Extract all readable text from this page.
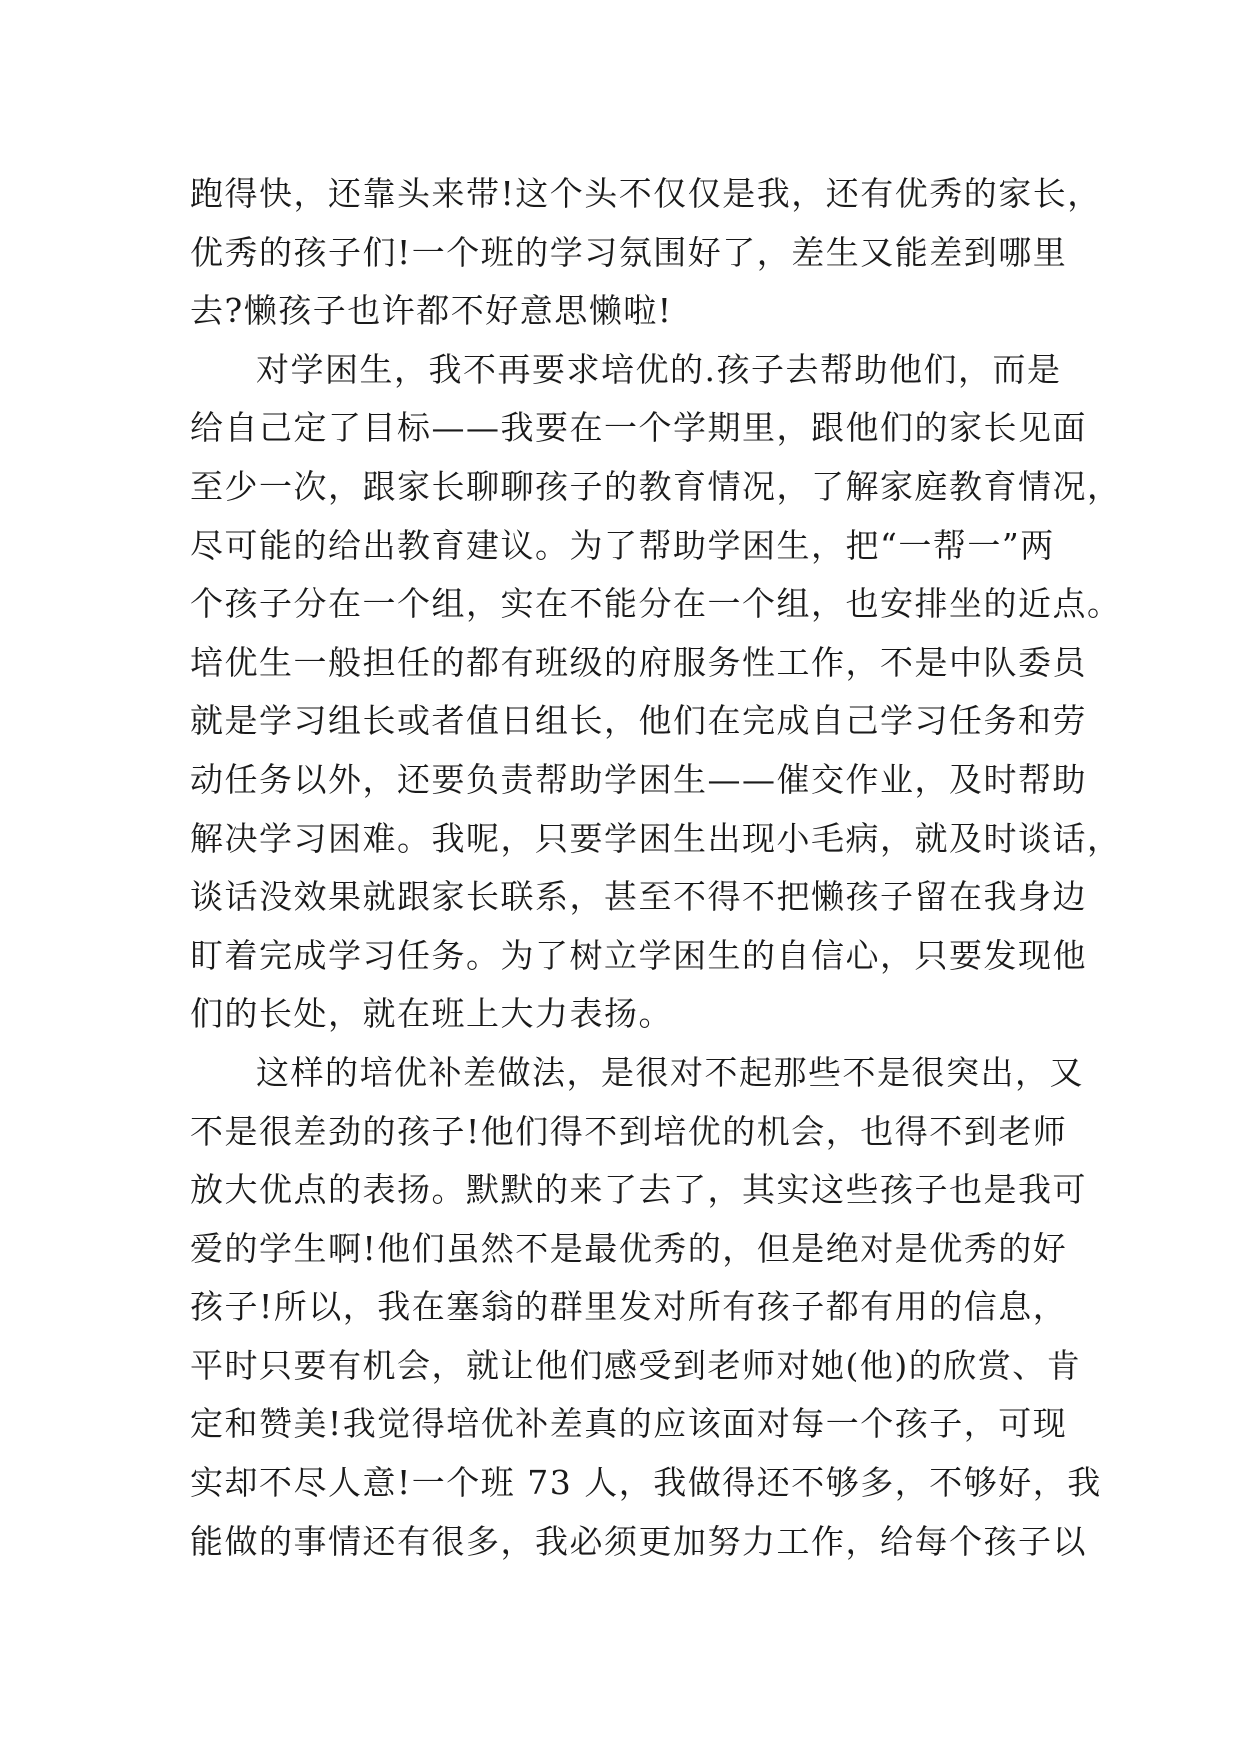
跑得快，还靠头来带!这个头不仅仅是我，还有优秀的家长，
优秀的孩子们!一个班的学习氛围好了，差生又能差到哪里
去?懒孩子也许都不好意思懒啦!
对学困生，我不再要求培优的.孩子去帮助他们，而是
给自己定了目标——我要在一个学期里，跟他们的家长见面
至少一次，跟家长聊聊孩子的教育情况，了解家庭教育情况，
尽可能的给出教育建议。为了帮助学困生，把“一帮一”两
个孩子分在一个组，实在不能分在一个组，也安排坐的近点。
培优生一般担任的都有班级的府服务性工作，不是中队委员
就是学习组长或者值日组长，他们在完成自己学习任务和劳
动任务以外，还要负责帮助学困生——催交作业，及时帮助
解决学习困难。我呢，只要学困生出现小毛病，就及时谈话，
谈话没效果就跟家长联系，甚至不得不把懒孩子留在我身边
盯着完成学习任务。为了树立学困生的自信心，只要发现他
们的长处，就在班上大力表扬。
这样的培优补差做法，是很对不起那些不是很突出，又
不是很差劲的孩子!他们得不到培优的机会，也得不到老师
放大优点的表扬。默默的来了去了，其实这些孩子也是我可
爱的学生啊!他们虽然不是最优秀的，但是绝对是优秀的好
孩子!所以，我在塞翁的群里发对所有孩子都有用的信息，
平时只要有机会，就让他们感受到老师对她(他)的欣赏、肯
定和赞美!我觉得培优补差真的应该面对每一个孩子，可现
实却不尽人意!一个班 73 人，我做得还不够多，不够好，我
能做的事情还有很多，我必须更加努力工作，给每个孩子以
